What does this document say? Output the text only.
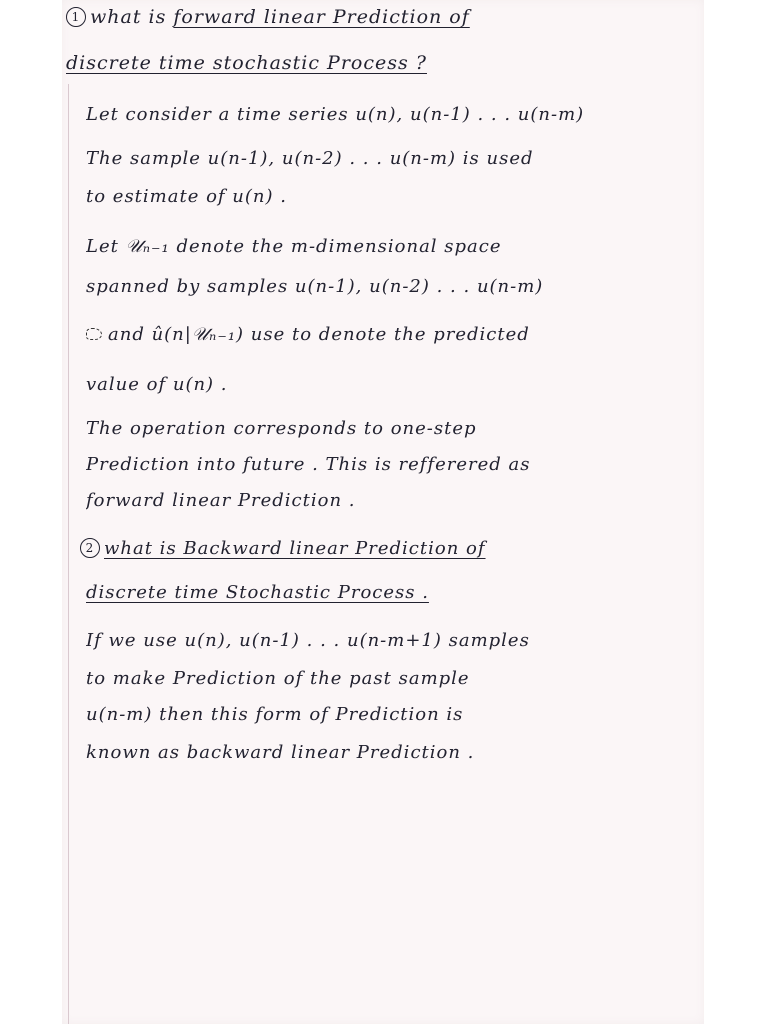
1 what is forward linear Prediction of
discrete time stochastic Process ?
Let consider a time series u(n), u(n-1) . . . u(n-m)
The sample u(n-1), u(n-2) . . . u(n-m) is used
to estimate of u(n) .
Let 𝒰ₙ₋₁ denote the m-dimensional space
spanned by samples u(n-1), u(n-2) . . . u(n-m)
and û(n|𝒰ₙ₋₁) use to denote the predicted
value of u(n) .
The operation corresponds to one-step
Prediction into future . This is refferered as
forward linear Prediction .
2 what is Backward linear Prediction of
discrete time Stochastic Process .
If we use u(n), u(n-1) . . . u(n-m+1) samples
to make Prediction of the past sample
u(n-m) then this form of Prediction is
known as backward linear Prediction .
